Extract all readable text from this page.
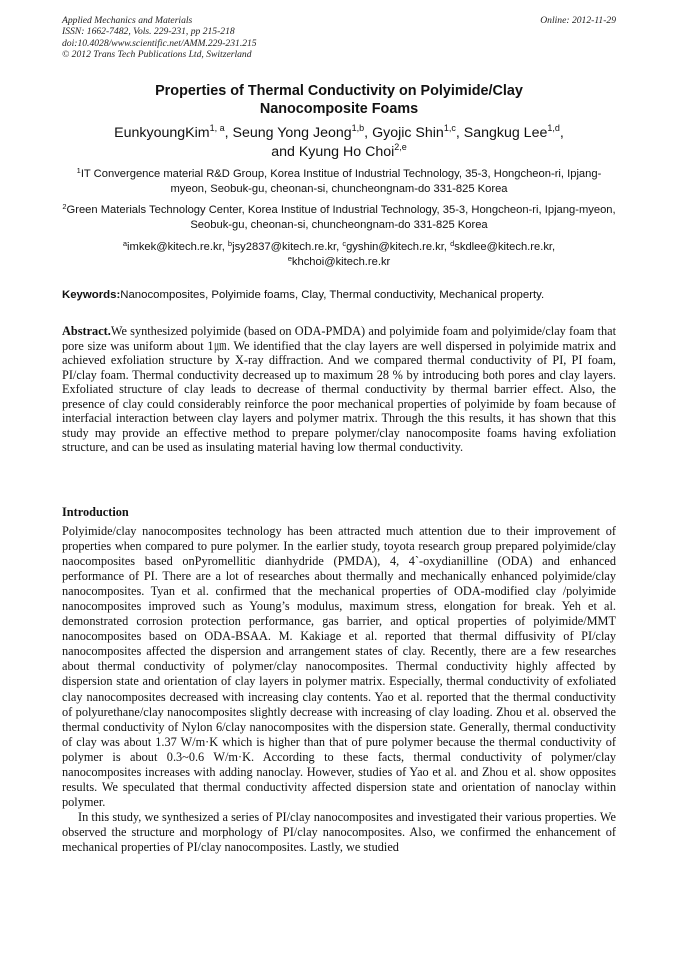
Applied Mechanics and Materials
ISSN: 1662-7482, Vols. 229-231, pp 215-218
doi:10.4028/www.scientific.net/AMM.229-231.215
© 2012 Trans Tech Publications Ltd, Switzerland
Online: 2012-11-29
Properties of Thermal Conductivity on Polyimide/Clay
Nanocomposite Foams
EunkyoungKim$^{1, a}$, Seung Yong Jeong$^{1,b}$, Gyojic Shin$^{1,c}$, Sangkug Lee$^{1,d}$,
and Kyung Ho Choi$^{2,e}$
$^1$IT Convergence material R&D Group, Korea Institue of Industrial Technology, 35-3, Hongcheon-ri, Ipjang-myeon, Seobuk-gu, cheonan-si, chuncheongnam-do 331-825 Korea
$^2$Green Materials Technology Center, Korea Institue of Industrial Technology, 35-3, Hongcheon-ri, Ipjang-myeon, Seobuk-gu, cheonan-si, chuncheongnam-do 331-825 Korea
$^a$imkek@kitech.re.kr, $^b$jsy2837@kitech.re.kr, $^c$gyshin@kitech.re.kr, $^d$skdlee@kitech.re.kr,
$^e$khchoi@kitech.re.kr
Keywords:Nanocomposites, Polyimide foams, Clay, Thermal conductivity, Mechanical property.
Abstract.We synthesized polyimide (based on ODA-PMDA) and polyimide foam and polyimide/clay foam that pore size was uniform about 1㎛. We identified that the clay layers are well dispersed in polyimide matrix and achieved exfoliation structure by X-ray diffraction. And we compared thermal conductivity of PI, PI foam, PI/clay foam. Thermal conductivity decreased up to maximum 28 % by introducing both pores and clay layers. Exfoliated structure of clay leads to decrease of thermal conductivity by thermal barrier effect. Also, the presence of clay could considerably reinforce the poor mechanical properties of polyimide by foam because of interfacial interaction between clay layers and polymer matrix. Through the this results, it has shown that this study may provide an effective method to prepare polymer/clay nanocomposite foams having exfoliation structure, and can be used as insulating material having low thermal conductivity.
Introduction

Polyimide/clay nanocomposites technology has been attracted much attention due to their improvement of properties when compared to pure polymer. In the earlier study, toyota research group prepared polyimide/clay naocomposites based onPyromellitic dianhydride (PMDA), 4, 4`-oxydianilline (ODA) and enhanced performance of PI. There are a lot of researches about thermally and mechanically enhanced polyimide/clay nanocomposites. Tyan et al. confirmed that the mechanical properties of ODA-modified clay /polyimide nanocomposites improved such as Young’s modulus, maximum stress, elongation for break. Yeh et al. demonstrated corrosion protection performance, gas barrier, and optical properties of polyimide/MMT nanocomposites based on ODA-BSAA. M. Kakiage et al. reported that thermal diffusivity of PI/clay nanocomposites affected the dispersion and arrangement states of clay. Recently, there are a few researches about thermal conductivity of polymer/clay nanocomposites. Thermal conductivity highly affected by dispersion state and orientation of clay layers in polymer matrix. Especially, thermal conductivity of exfoliated clay nanocomposites decreased with increasing clay contents. Yao et al. reported that the thermal conductivity of polyurethane/clay nanocomposites slightly decrease with increasing of clay loading. Zhou et al. observed the thermal conductivity of Nylon 6/clay nanocomposites with the dispersion state. Generally, thermal conductivity of clay was about 1.37 W/m·K which is higher than that of pure polymer because the thermal conductivity of polymer is about 0.3~0.6 W/m·K. According to these facts, thermal conductivity of polymer/clay nanocomposites increases with adding nanoclay. However, studies of Yao et al. and Zhou et al. show opposites results. We speculated that thermal conductivity affected dispersion state and orientation of nanoclay within polymer.

In this study, we synthesized a series of PI/clay nanocomposites and investigated their various properties. We observed the structure and morphology of PI/clay nanocomposites. Also, we confirmed the enhancement of mechanical properties of PI/clay nanocomposites. Lastly, we studied
